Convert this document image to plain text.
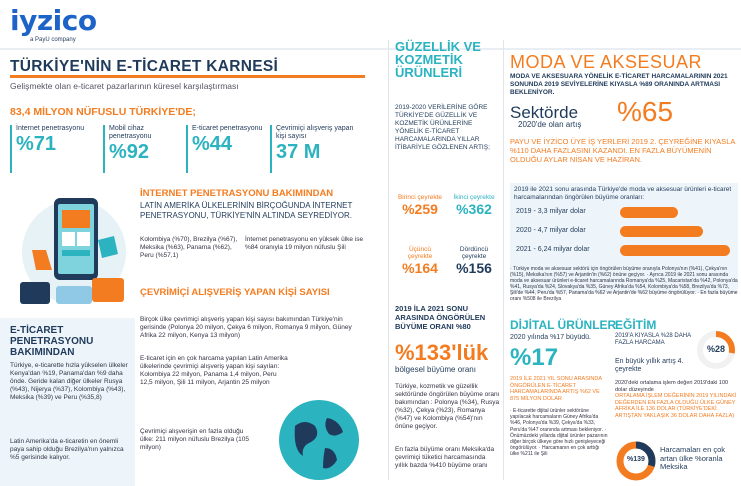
iyzico
a PayU company
TÜRKİYE'NİN E-TİCARET KARNESİ
Gelişmekte olan e-ticaret pazarlarının küresel karşılaştırması
83,4 MİLYON NÜFUSLU TÜRKİYE'DE;
İnternet penetrasyonu
%71
Mobil cihaz penetrasyonu
%92
E-ticaret penetrasyonu
%44
Çevrimiçi alışveriş yapan kişi sayısı
37 M
İNTERNET PENETRASYONU BAKIMINDAN
LATİN AMERİKA ÜLKELERİNİN BİRÇOĞUNDA İNTERNET PENETRASYONU, TÜRKİYE'NİN ALTINDA SEYREDİYOR.
Kolombiya (%70), Brezilya (%67), Meksika (%63), Panama (%62), Peru (%57,1)
İnternet penetrasyonu en yüksek ülke ise %84 oranıyla 19 milyon nüfuslu Şili
ÇEVRİMİÇİ ALIŞVERİŞ YAPAN KİŞİ SAYISI
Birçok ülke çevrimiçi alışveriş yapan kişi sayısı bakımından Türkiye'nin gerisinde (Polonya 20 milyon, Çekya 6 milyon, Romanya 9 milyon, Güney Afrika 22 milyon, Kenya 13 milyon)
E-ticaret için en çok harcama yapılan Latin Amerika ülkelerinde çevrimiçi alışveriş yapan kişi sayıları: Kolombiya 22 milyon, Panama 1,4 milyon, Peru 12,5 milyon, Şili 11 milyon, Arjantin 25 milyon
Çevrimiçi alışverişin en fazla olduğu ülke: 211 milyon nüfuslu Brezilya (105 milyon)
E-TİCARET PENETRASYONU BAKIMINDAN
Türkiye, e-ticarette hızla yükselen ülkeler Kenya'dan %19, Panama'dan %9 daha önde. Geride kalan diğer ülkeler Rusya (%43), Nijerya (%37), Kolombiya (%43), Meksika (%39) ve Peru (%35,8)
Latin Amerika'da e-ticaretin en önemli paya sahip olduğu Brezilya'nın yalnızca %5 gerisinde kalıyor.
GÜZELLİK VE KOZMETİK ÜRÜNLERİ
2019-2020 VERİLERİNE GÖRE TÜRKİYE'DE GÜZELLİK VE KOZMETİK ÜRÜNLERİNE YÖNELİK E-TİCARET HARCAMALARINDA YILLAR İTİBARİYLE GÖZLENEN ARTIŞ;
Birinci çeyrekte
%259
İkinci çeyrekte
%362
Üçüncü çeyrekte
%164
Dördüncü çeyrekte
%156
2019 İLA 2021 SONU ARASINDA ÖNGÖRÜLEN BÜYÜME ORANI %80
%133'lük
bölgesel büyüme oranı
Türkiye, kozmetik ve güzellik sektöründe öngörülen büyüme oranı bakımından : Polonya (%34), Rusya (%32), Çekya (%23), Romanya (%47) ve Kolombiya (%54)'nın önüne geçiyor.
En fazla büyüme oranı Meksika'da çevrimiçi tüketici harcamasında yıllık bazda %410 büyüme oranı
MODA VE AKSESUAR
MODA VE AKSESUARA YÖNELİK E-TİCARET HARCAMALARININ 2021 SONUNDA 2019 SEVİYELERİNE KIYASLA %89 ORANINDA ARTMASI BEKLENİYOR.
Sektörde
2020'de olan artış %65
PAYU VE İYZİCO ÜYE İŞ YERLERİ 2019 2. ÇEYREĞİNE KIYASLA %110 DAHA FAZLASINI KAZANDI. EN FAZLA BÜYÜMENİN OLDUĞU AYLAR NİSAN VE HAZİRAN.
2019 ile 2021 sonu arasında Türkiye'de moda ve aksesuar ürünleri e-ticaret harcamalarından öngörülen büyüme oranları:
2019 - 3,3 milyar dolar
2020 - 4,7 milyar dolar
2021 - 6,24 milyar dolar
· Türkiye moda ve aksesuar sektörü için öngörülen büyüme oranıyla Polonya'nın (%41), Çekya'nın (%15), Meksika'nın (%57) ve Arjantin'in (%62) önüne geçiyor. · Ayrıca 2019 ile 2021 sonu arasında moda ve aksesuar ürünleri e-ticaret harcamalarında Romanya'da %25, Macaristan'da %42, Polonya'da %41, Rusya'da %24, Slovakya'da %35, Güney Afrika'da %54, Kolombiya'da %58, Brezilya'da %73, Şili'de %44, Peru'da %57, Panama'da %62 ve Arjantin'de %62 büyüme öngörülüyor. · En fazla büyüme oranı %508 ile Brezilya
DİJİTAL ÜRÜNLER
2020 yılında %17 büyüdü.
%17
2019 İLE 2021 YIL SONU ARASINDA ÖNGÖRÜLEN E-TİCARET HARCAMALARINDA ARTIŞ %62 VE 875 MİLYON DOLAR
· E-ticarette dijital ürünler sektörüne yapılacak harcamaların Güney Afrika'da %46, Polonya'da %39, Çekya'da %33, Peru'da %47 oranında artması bekleniyor. · Önümüzdeki yıllarda dijital ürünler pazarının diğer birçok ülkeye göre hızlı genişleyeceği öngörülüyor. · Harcamanın en çok arttığı ülke %211 ile Şili
EĞİTİM
2019'A KIYASLA %28 DAHA FAZLA HARCAMA
%28
En büyük yıllık artış 4. çeyrekte
2020'deki ortalama işlem değeri 2019'daki 100 dolar düzeyinde
ORTALAMA İŞLEM DEĞERİNİN 2019 YILINDAKİ DEĞERDEN EN FAZLA OLDUĞU ÜLKE GÜNEY AFRİKA İLE 136 DOLAR (TÜRKİYE'DEKİ ARTIŞTAN YAKLAŞIK 36 DOLAR DAHA FAZLA)
%139
Harcamaları en çok artan ülke %oranla Meksika
